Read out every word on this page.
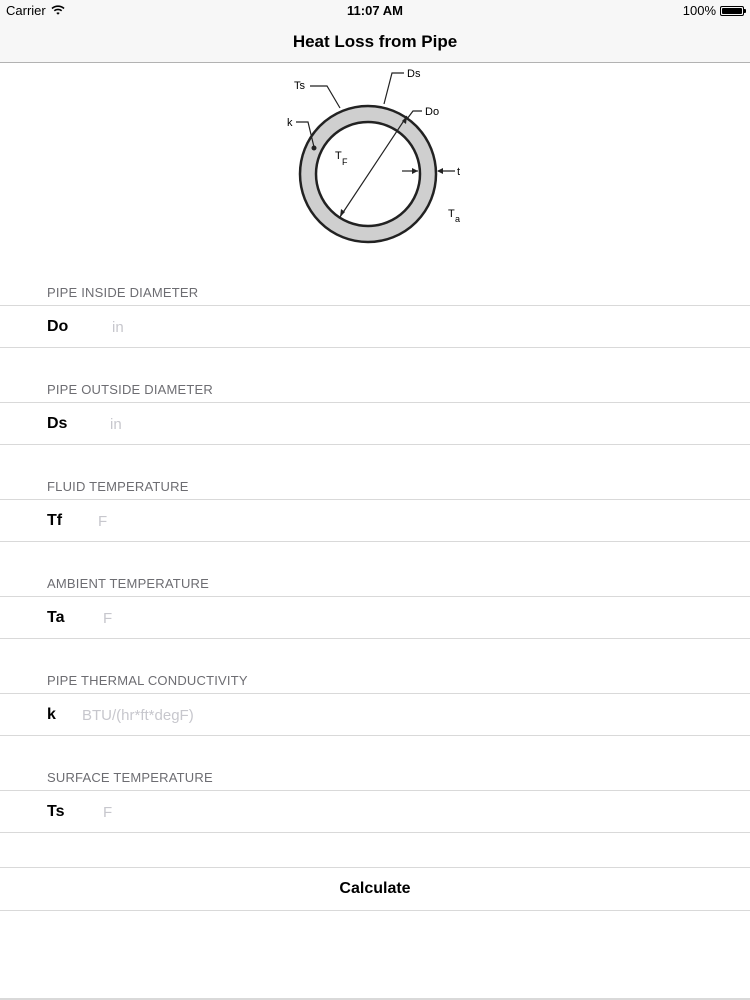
Carrier	11:07 AM	100%
Heat Loss from Pipe
Ts
Ds
Do
k
T F
t
T a
PIPE INSIDE DIAMETER
Do
in
PIPE OUTSIDE DIAMETER
Ds
in
FLUID TEMPERATURE
Tf
F
AMBIENT TEMPERATURE
Ta
F
PIPE THERMAL CONDUCTIVITY
k
BTU/(hr*ft*degF)
SURFACE TEMPERATURE
Ts
F
Calculate
